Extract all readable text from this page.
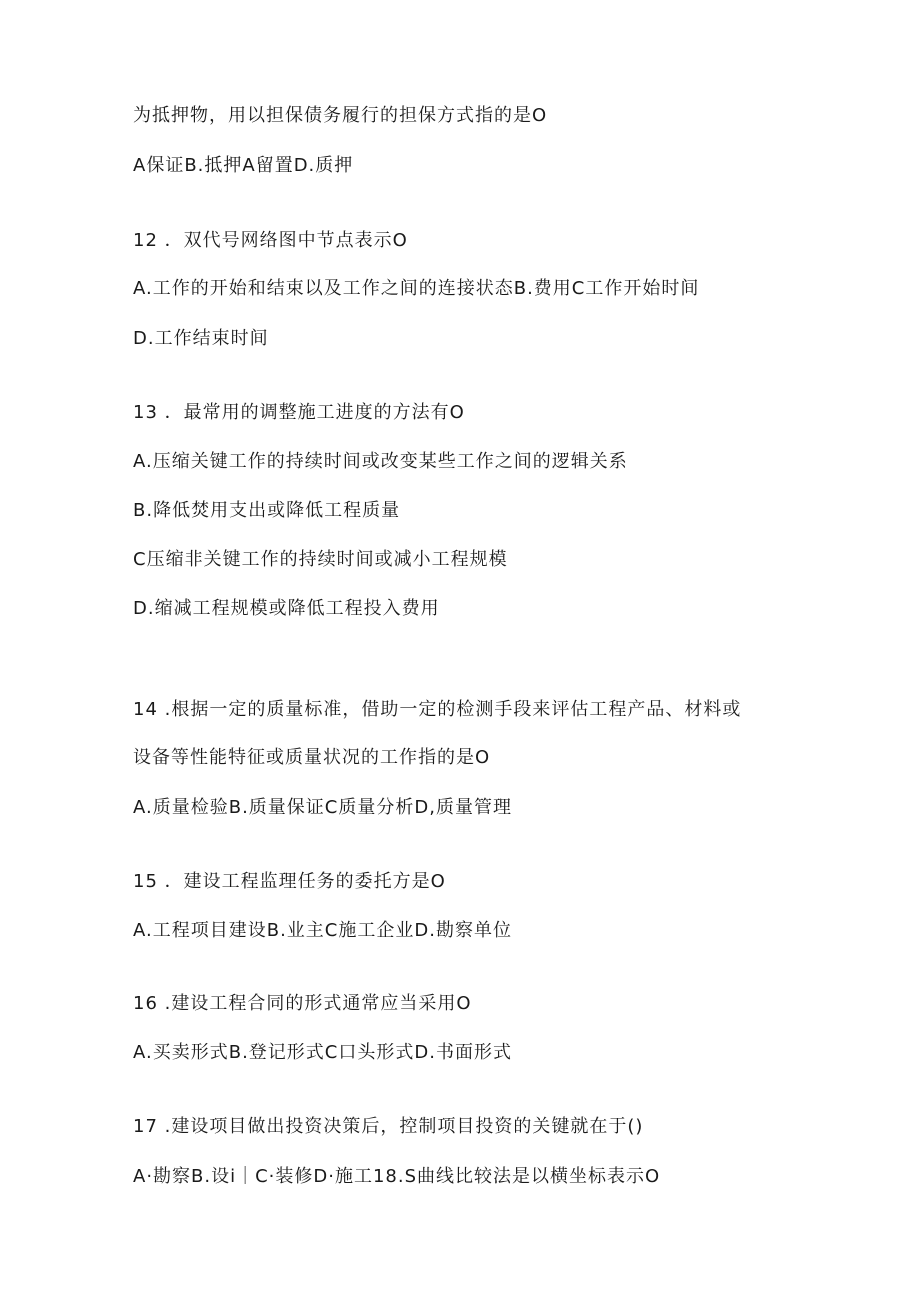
为抵押物，用以担保债务履行的担保方式指的是O
A保证B.抵押A留置D.质押
12 ．双代号网络图中节点表示O
A.工作的开始和结束以及工作之间的连接状态B.费用C工作开始时间
D.工作结束时间
13 ．最常用的调整施工进度的方法有O
A.压缩关键工作的持续时间或改变某些工作之间的逻辑关系
B.降低焚用支出或降低工程质量
C压缩非关键工作的持续时间或减小工程规模
D.缩减工程规模或降低工程投入费用
14 .根据一定的质量标准，借助一定的检测手段来评估工程产品、材料或
设备等性能特征或质量状况的工作指的是O
A.质量检验B.质量保证C质量分析D,质量管理
15 ．建设工程监理任务的委托方是O
A.工程项目建设B.业主C施工企业D.勘察单位
16 .建设工程合同的形式通常应当采用O
A.买卖形式B.登记形式C口头形式D.书面形式
17 .建设项目做出投资决策后，控制项目投资的关键就在于()
A·勘察B.设i｜C·装修D·施工18.S曲线比较法是以横坐标表示O
